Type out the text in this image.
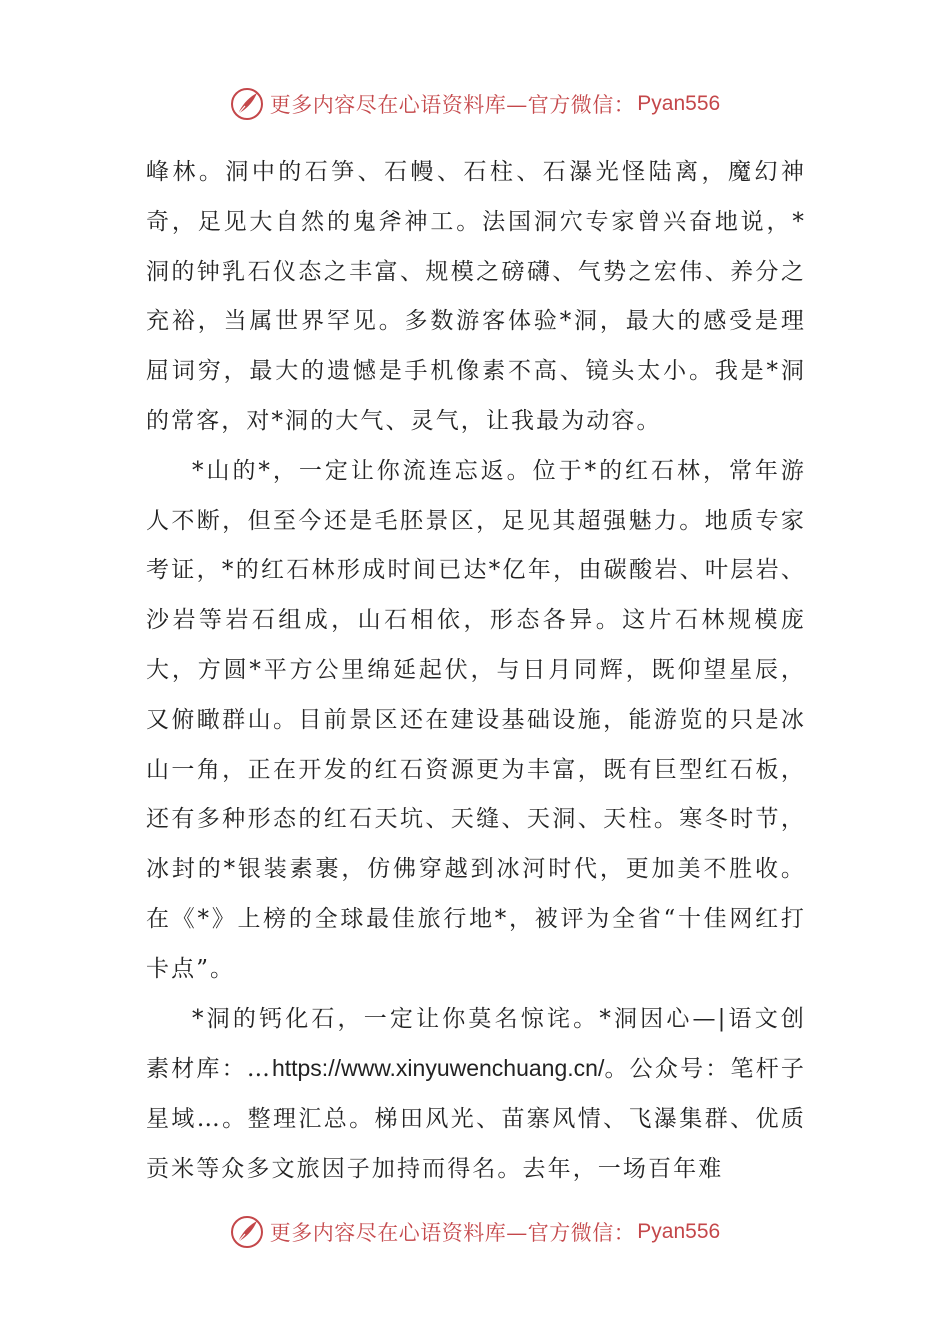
更多内容尽在心语资料库—官方微信： Pyan556

峰林。洞中的石笋、石幔、石柱、石瀑光怪陆离，魔幻神奇，足见大自然的鬼斧神工。法国洞穴专家曾兴奋地说，*洞的钟乳石仪态之丰富、规模之磅礴、气势之宏伟、养分之充裕，当属世界罕见。多数游客体验*洞，最大的感受是理屈词穷，最大的遗憾是手机像素不高、镜头太小。我是*洞的常客，对*洞的大气、灵气，让我最为动容。

*山的*，一定让你流连忘返。位于*的红石林，常年游人不断，但至今还是毛胚景区，足见其超强魅力。地质专家考证，*的红石林形成时间已达*亿年，由碳酸岩、叶层岩、沙岩等岩石组成，山石相依，形态各异。这片石林规模庞大，方圆*平方公里绵延起伏，与日月同辉，既仰望星辰，又俯瞰群山。目前景区还在建设基础设施，能游览的只是冰山一角，正在开发的红石资源更为丰富，既有巨型红石板，还有多种形态的红石天坑、天缝、天洞、天柱。寒冬时节，冰封的*银装素裹，仿佛穿越到冰河时代，更加美不胜收。在《*》上榜的全球最佳旅行地*，被评为全省“十佳网红打卡点”。

*洞的钙化石，一定让你莫名惊诧。*洞因心—|语文创素材库：…https://www.xinyuwenchuang.cn/。公众号：笔杆子星域…。整理汇总。梯田风光、苗寨风情、飞瀑集群、优质贡米等众多文旅因子加持而得名。去年，一场百年难

更多内容尽在心语资料库—官方微信： Pyan556
